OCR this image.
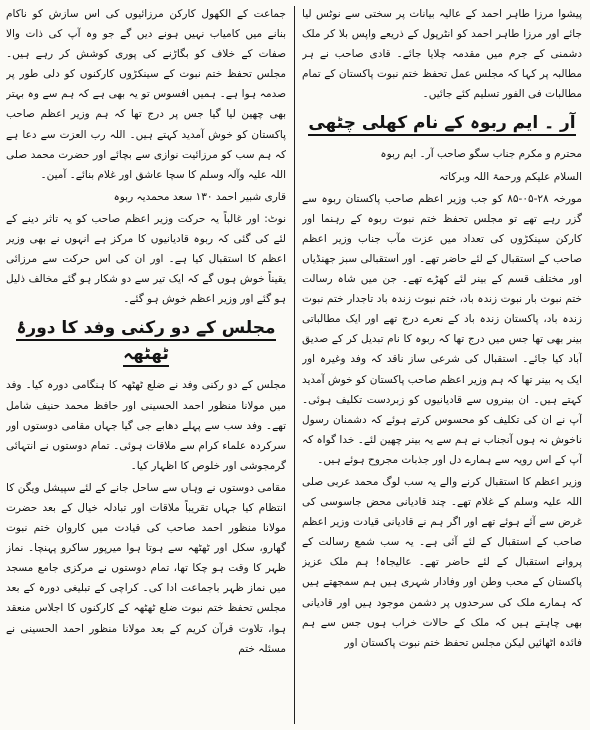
جماعت کے الکھول کارکن مرزائیوں کی اس سازش کو ناکام بنانے میں کامیاب نہیں ہونے دیں گے جو وہ آپ کی ذات والا صفات کے خلاف کو بگاڑنے کی پوری کوشش کر رہے ہیں۔ مجلس تحفظ ختم نبوت کے سینکڑوں کارکنوں کو دلی طور پر صدمہ ہوا ہے۔ ہمیں افسوس تو یہ بھی ہے کہ ہم سے وہ بہتر بھی چھین لیا گیا جس پر درج تھا کہ ہم وزیر اعظم صاحب پاکستان کو خوش آمدید کہتے ہیں۔ اللہ رب العزت سے دعا ہے کہ ہم سب کو مرزائیت نوازی سے بچائے اور حضرت محمد صلی اللہ علیہ وآلہ وسلم کا سچا عاشق اور غلام بنائے۔ آمین۔

قاری شبیر احمد ۱۳۰ سعد محمدیہ ربوہ

نوٹ: اور غالباً یہ حرکت وزیر اعظم صاحب کو یہ تاثر دینے کے لئے کی گئی کہ ربوہ قادیانیوں کا مرکز ہے انہوں نے بھی وزیر اعظم کا استقبال کیا ہے۔ اور ان کی اس حرکت سے مرزائی یقیناً خوش ہوں گے کہ ایک تیر سے دو شکار ہو گئے مخالف ذلیل ہو گئے اور وزیر اعظم خوش ہو گئے۔

مجلس کے دو رکنی وفد کا دورۂ ٹھٹھہ

مجلس کے دو رکنی وفد نے ضلع ٹھٹھہ کا ہنگامی دورہ کیا۔ وفد میں مولانا منظور احمد الحسینی اور حافظ محمد حنیف شامل تھے۔ وفد سب سے پہلے دھابے جی گیا جہاں مقامی دوستوں اور سرکردہ علماء کرام سے ملاقات ہوئی۔ تمام دوستوں نے انتہائی گرمجوشی اور خلوص کا اظہار کیا۔

مقامی دوستوں نے وہاں سے ساحل جانے کے لئے سپیشل ویگن کا انتظام کیا جہاں تقریباً ملاقات اور تبادلہ خیال کے بعد حضرت مولانا منظور احمد صاحب کی قیادت میں کاروان ختم نبوت گھارو، سکل اور ٹھٹھہ سے ہوتا ہوا میرپور ساکرو پہنچا۔ نماز ظہر کا وقت ہو چکا تھا، تمام دوستوں نے مرکزی جامع مسجد میں نماز ظہر باجماعت ادا کی۔ کراچی کے تبلیغی دورہ کے بعد مجلس تحفظ ختم نبوت ضلع ٹھٹھہ کے کارکنوں کا اجلاس منعقد ہوا، تلاوت قرآن کریم کے بعد مولانا منظور احمد الحسینی نے مسئلہ ختم

پیشوا مرزا طاہر احمد کے عالیہ بیانات پر سختی سے نوٹس لیا جائے اور مرزا طاہر احمد کو انٹرپول کے ذریعے واپس بلا کر ملک دشمنی کے جرم میں مقدمہ چلایا جائے۔ قادی صاحب نے ہر مطالبہ پر کہا کہ مجلس عمل تحفظ ختم نبوت پاکستان کے تمام مطالبات فی الفور تسلیم کئے جائیں۔

آر ۔ ایم ربوہ کے نام کھلی چٹھی

محترم و مکرم جناب سگو صاحب آر۔ ایم ربوہ

السلام علیکم ورحمۃ اللہ وبرکاتہ

مورخہ ۲۸-۰۵-۸۵ کو جب وزیر اعظم صاحب پاکستان ربوہ سے گزر رہے تھے تو مجلس تحفظ ختم نبوت ربوہ کے رہنما اور کارکن سینکڑوں کی تعداد میں عزت مآب جناب وزیر اعظم صاحب کے استقبال کے لئے حاضر تھے۔ اور استقبالی سبز جھنڈیاں اور مختلف قسم کے بینر لئے کھڑے تھے۔ جن میں شاہ رسالت ختم نبوت بار نبوت زندہ باد، ختم نبوت زندہ باد تاجدار ختم نبوت زندہ باد، پاکستان زندہ باد کے نعرے درج تھے اور ایک مطالباتی بینر بھی تھا جس میں درج تھا کہ ربوہ کا نام تبدیل کر کے صدیق آباد کیا جائے۔ استقبال کی شرعی ساز ناقد کہ وفد وغیرہ اور ایک یہ بینر تھا کہ ہم وزیر اعظم صاحب پاکستان کو خوش آمدید کہتے ہیں۔ ان بینروں سے قادیانیوں کو زبردست تکلیف ہوئی۔ آپ نے ان کی تکلیف کو محسوس کرتے ہوئے کہ دشمنان رسول ناخوش نہ ہوں آنجناب نے ہم سے یہ بینر چھین لئے۔ خدا گواہ کہ آپ کے اس رویہ سے ہمارے دل اور جذبات مجروح ہوئے ہیں۔

وزیر اعظم کا استقبال کرنے والے یہ سب لوگ محمد عربی صلی اللہ علیہ وسلم کے غلام تھے۔ چند قادیانی محض جاسوسی کی غرض سے آئے ہوئے تھے اور اگر ہم نے قادیانی قیادت وزیر اعظم صاحب کے استقبال کے لئے آئی ہے۔ یہ سب شمع رسالت کے پروانے استقبال کے لئے حاضر تھے۔ عالیجاہ! ہم ملک عزیز پاکستان کے محب وطن اور وفادار شہری ہیں ہم سمجھتے ہیں کہ ہمارے ملک کی سرحدوں پر دشمن موجود ہیں اور قادیانی بھی چاہتے ہیں کہ ملک کے حالات خراب ہوں جس سے ہم فائدہ اٹھائیں لیکن مجلس تحفظ ختم نبوت پاکستان اور
